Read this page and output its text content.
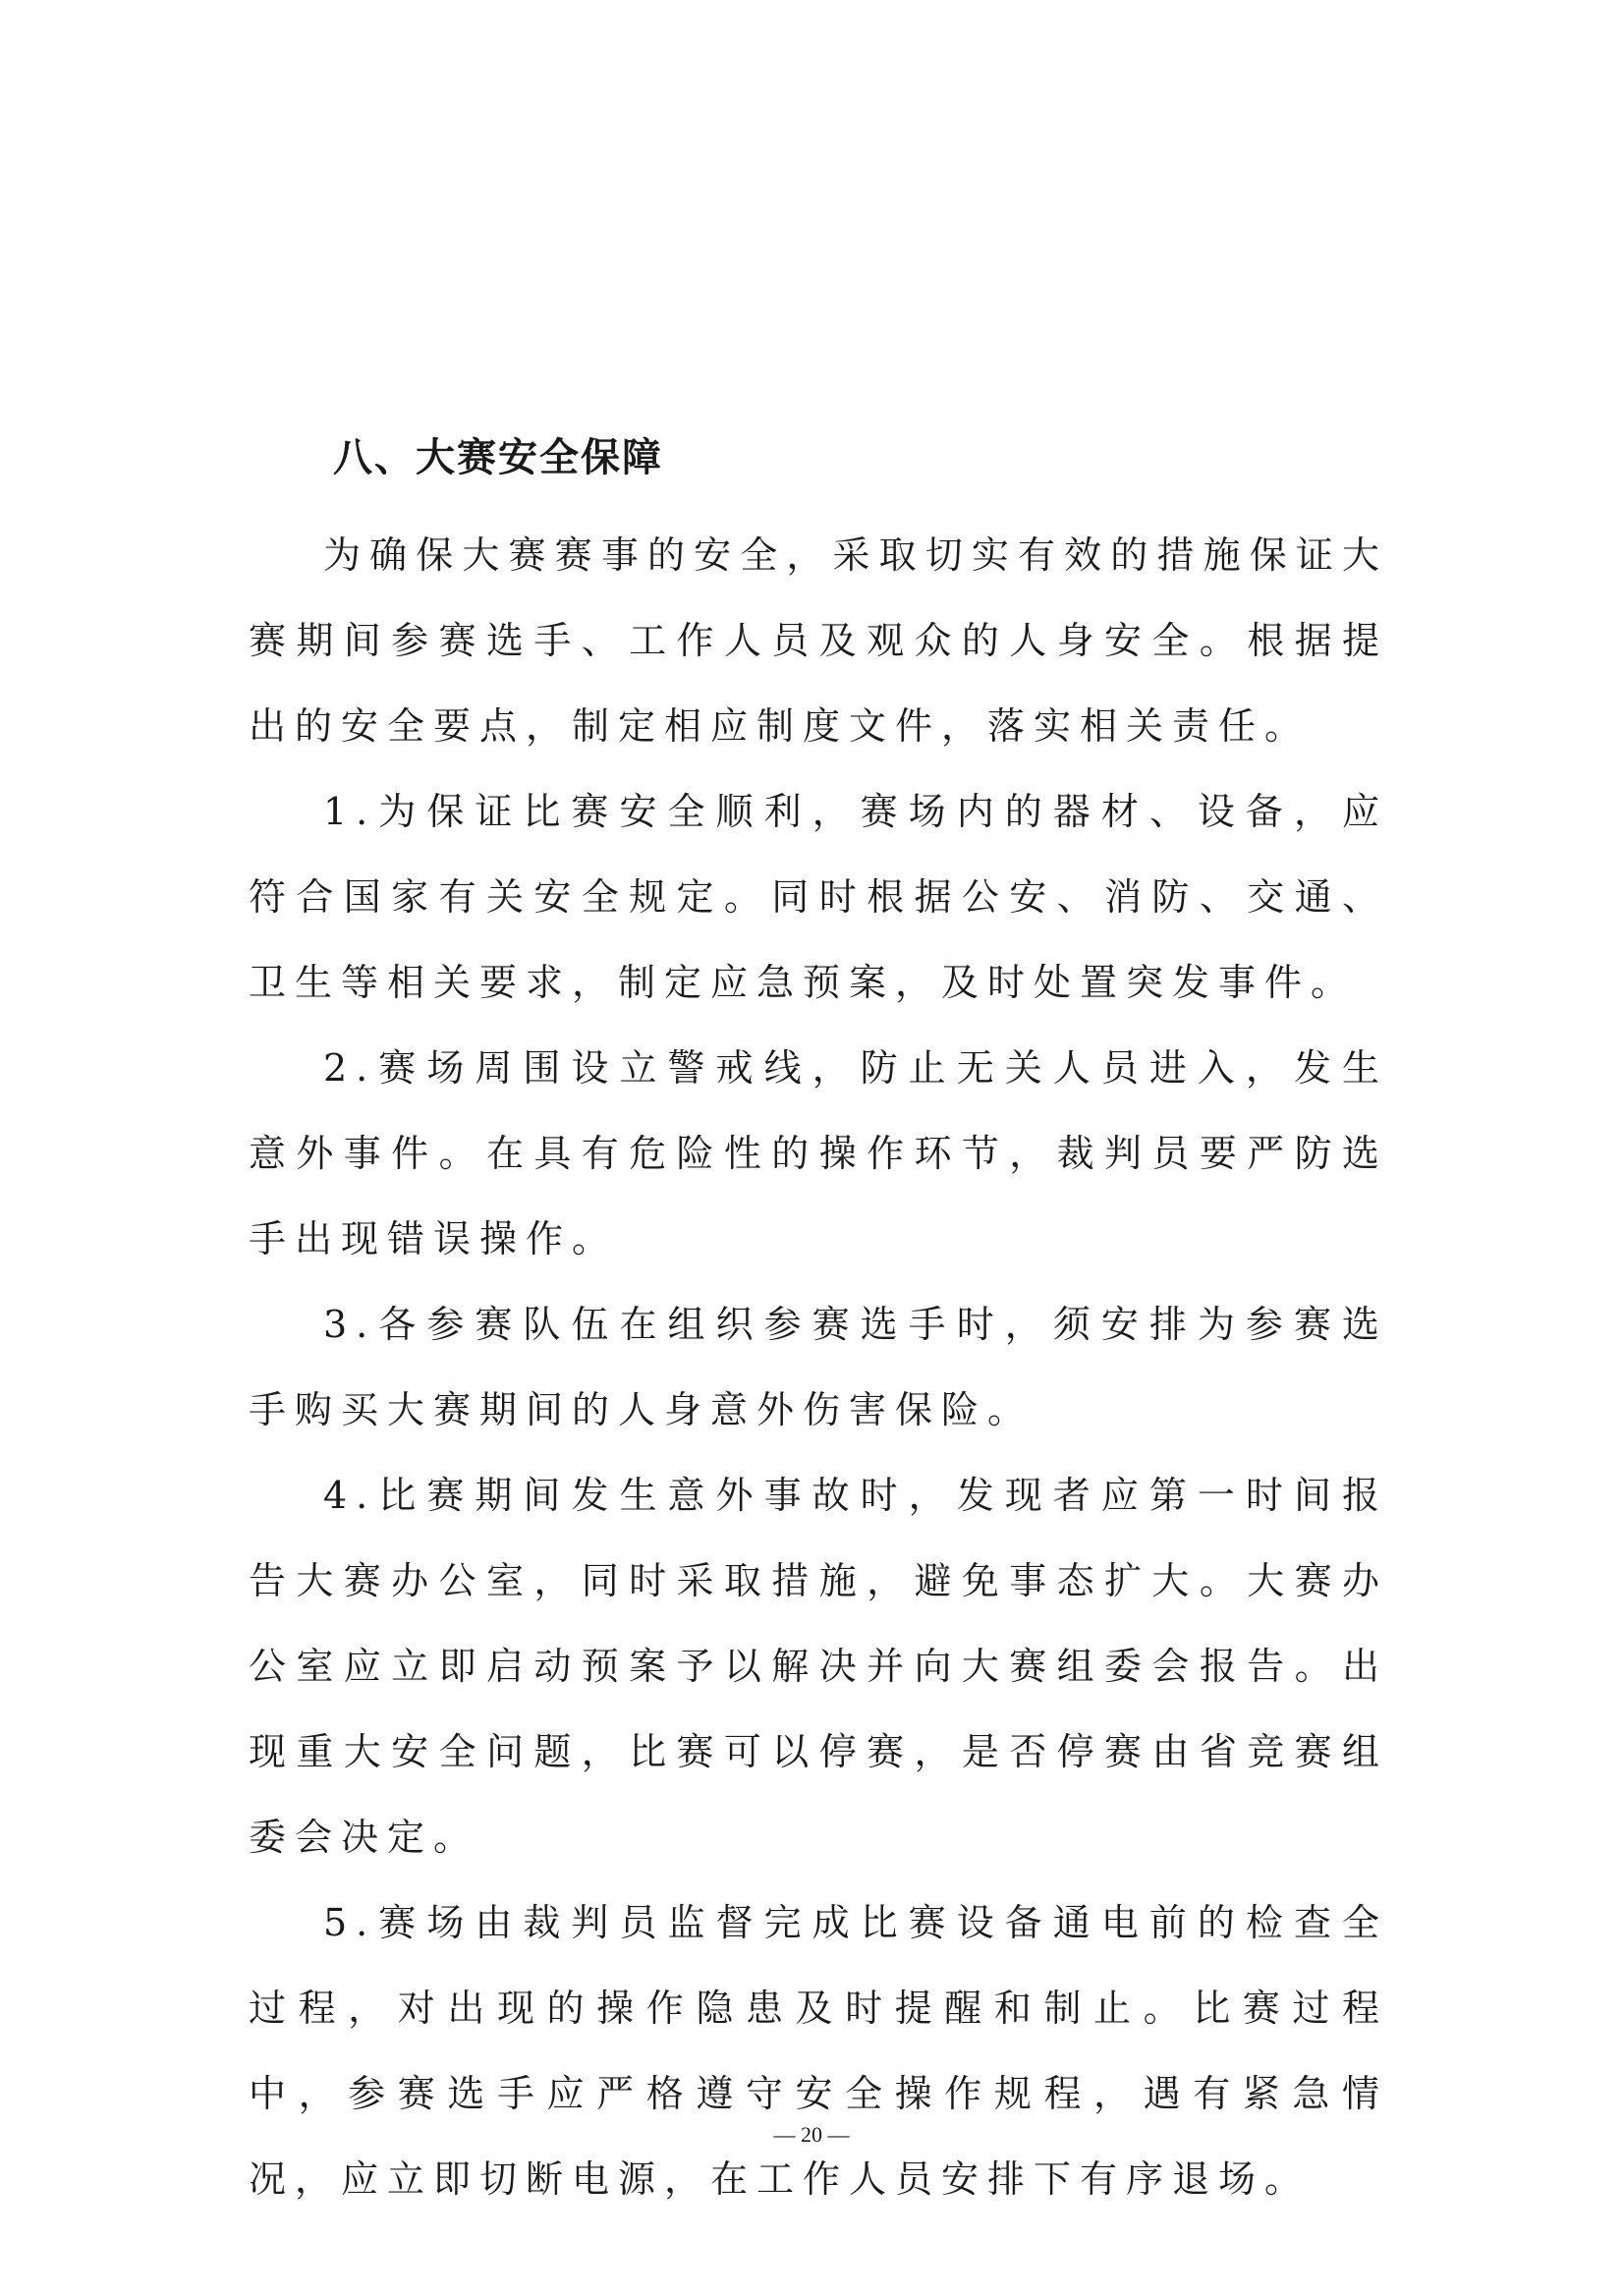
八、大赛安全保障

为确保大赛赛事的安全，采取切实有效的措施保证大赛期间参赛选手、工作人员及观众的人身安全。根据提出的安全要点，制定相应制度文件，落实相关责任。

1.为保证比赛安全顺利，赛场内的器材、设备，应符合国家有关安全规定。同时根据公安、消防、交通、卫生等相关要求，制定应急预案，及时处置突发事件。

2.赛场周围设立警戒线，防止无关人员进入，发生意外事件。在具有危险性的操作环节，裁判员要严防选手出现错误操作。

3.各参赛队伍在组织参赛选手时，须安排为参赛选手购买大赛期间的人身意外伤害保险。

4.比赛期间发生意外事故时，发现者应第一时间报告大赛办公室，同时采取措施，避免事态扩大。大赛办公室应立即启动预案予以解决并向大赛组委会报告。出现重大安全问题，比赛可以停赛，是否停赛由省竞赛组委会决定。

5.赛场由裁判员监督完成比赛设备通电前的检查全过程，对出现的操作隐患及时提醒和制止。比赛过程中，参赛选手应严格遵守安全操作规程，遇有紧急情况，应立即切断电源，在工作人员安排下有序退场。

— 20 —
